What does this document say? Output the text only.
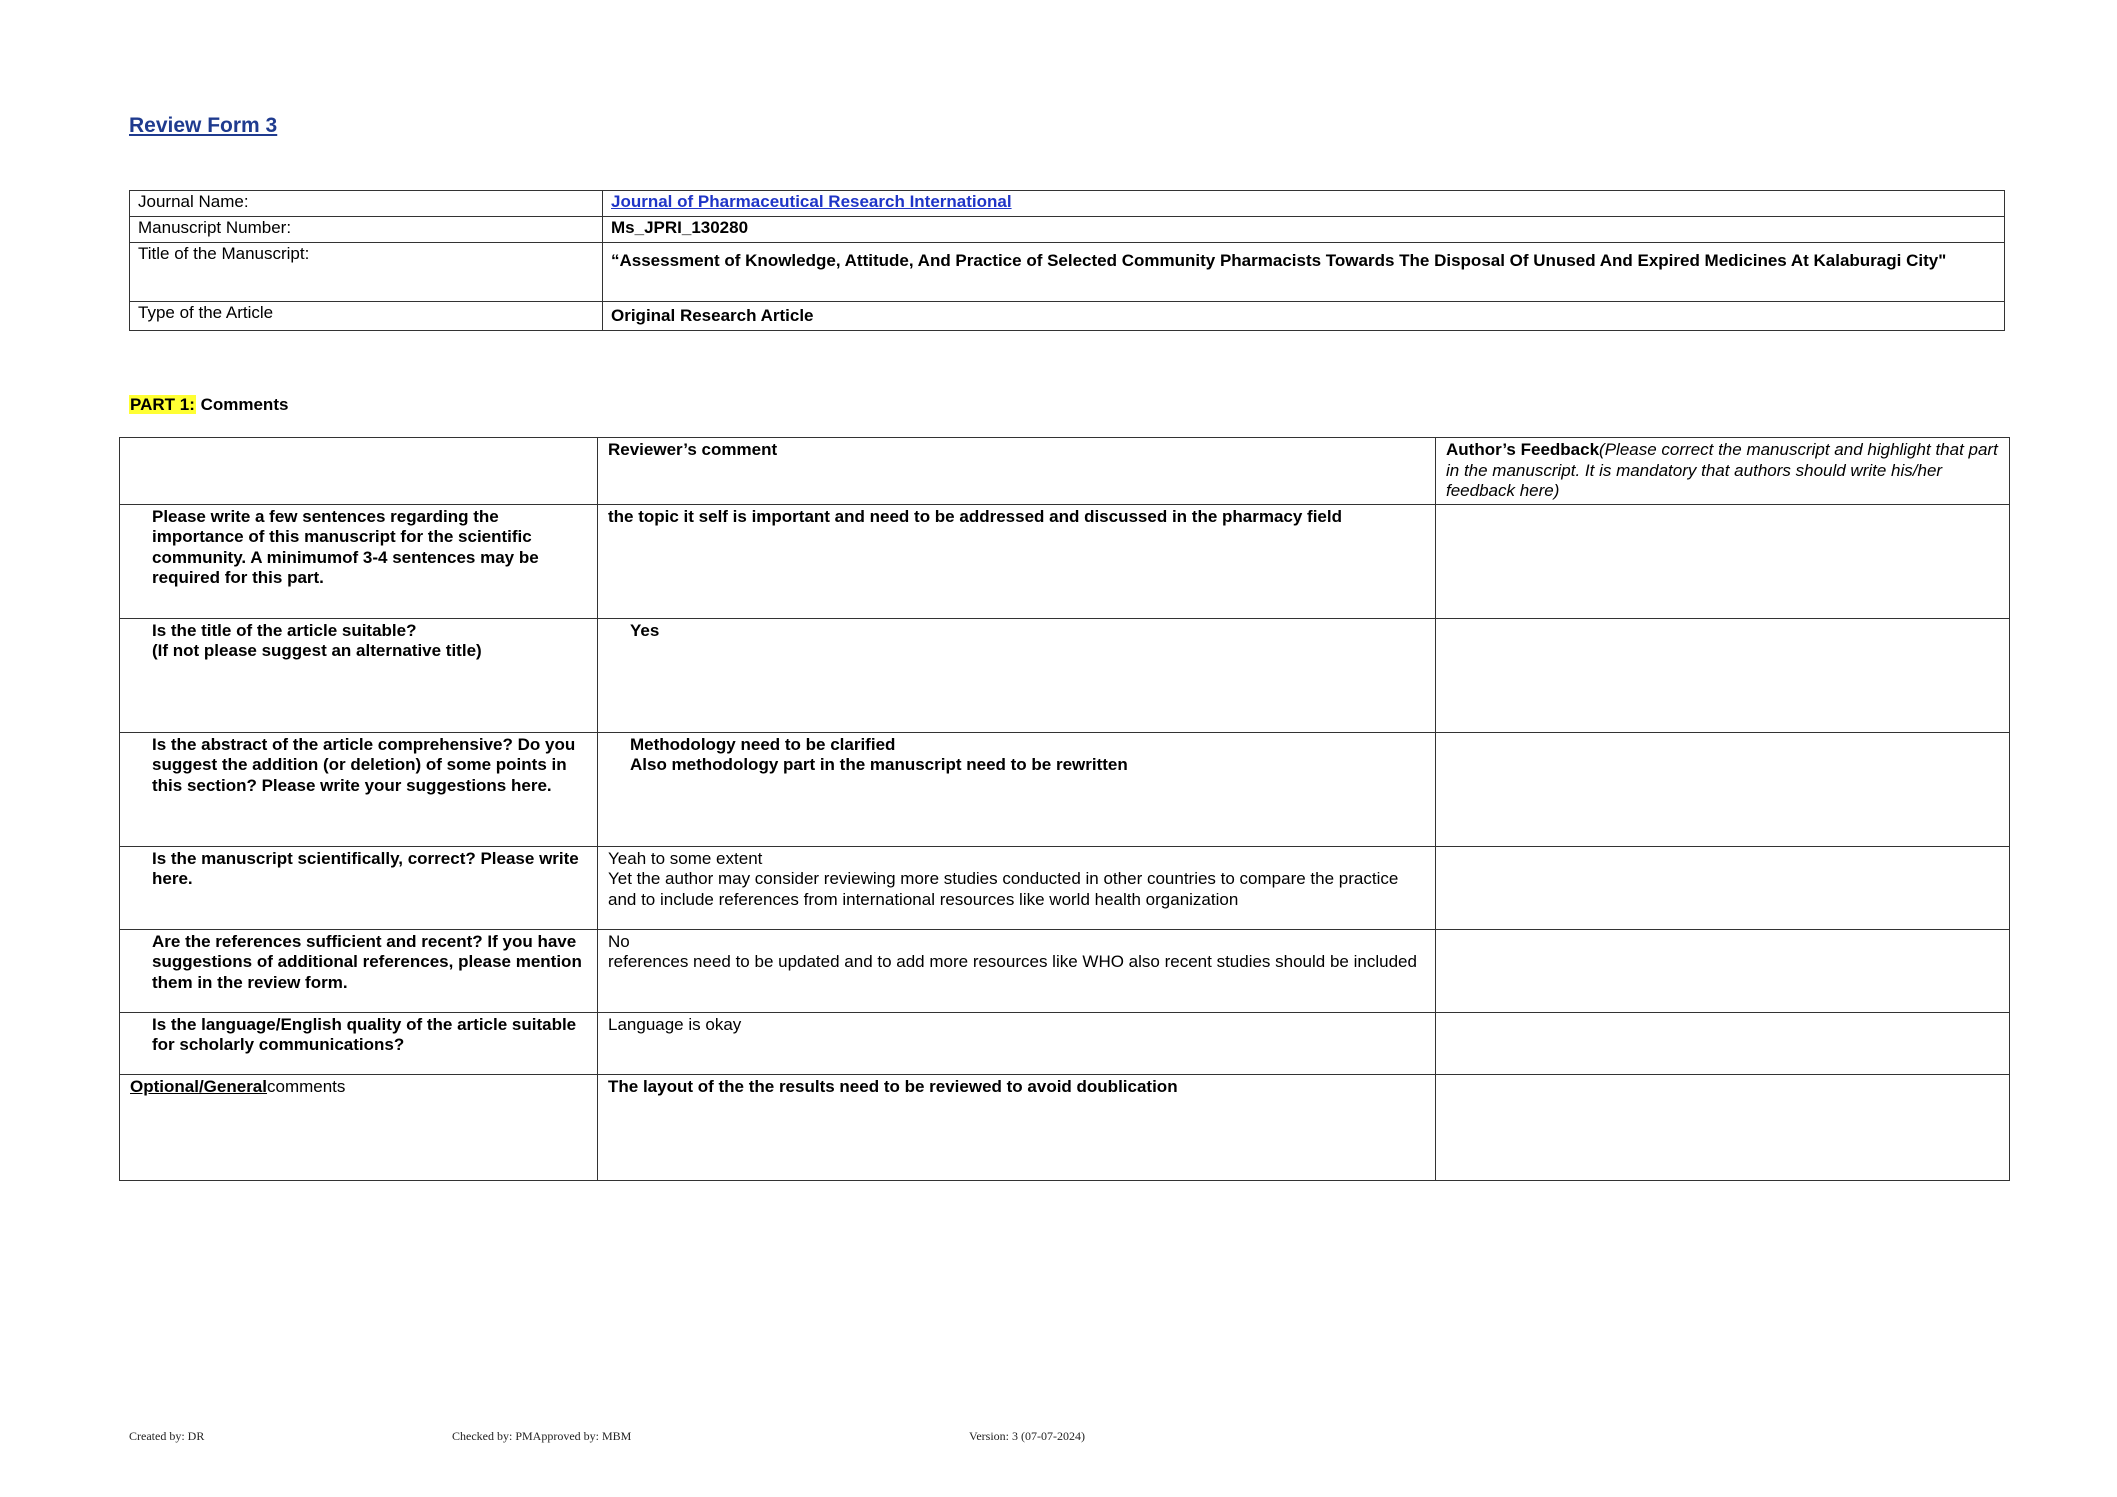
Review Form 3
Journal Name:	Journal of Pharmaceutical Research International
Manuscript Number:	Ms_JPRI_130280
Title of the Manuscript:	“Assessment of Knowledge, Attitude, And Practice of Selected Community Pharmacists Towards The Disposal Of Unused And Expired Medicines At Kalaburagi City"
Type of the Article	Original Research Article
PART 1: Comments
	Reviewer’s comment	Author’s Feedback(Please correct the manuscript and highlight that part in the manuscript. It is mandatory that authors should write his/her feedback here)
Please write a few sentences regarding the importance of this manuscript for the scientific community. A minimumof 3-4 sentences may be required for this part.	the topic it self is important and need to be addressed and discussed in the pharmacy field	

Is the title of the article suitable?
(If not please suggest an alternative title)	Yes	
Is the abstract of the article comprehensive? Do you suggest the addition (or deletion) of some points in this section? Please write your suggestions here.	Methodology need to be clarified
Also methodology part in the manuscript need to be rewritten	

Is the manuscript scientifically, correct? Please write here.	Yeah to some extent
Yet the author may consider reviewing more studies conducted in other countries to compare the practice and to include references from international resources like world health organization	

Are the references sufficient and recent? If you have suggestions of additional references, please mention them in the review form.	No
references need to be updated and to add more resources like WHO also recent studies should be included	

Is the language/English quality of the article suitable for scholarly communications?	Language is okay	
Optional/Generalcomments	The layout of the the results need to be reviewed to avoid doublication	
Created by: DR	Checked by: PMApproved by: MBM	Version: 3 (07-07-2024)
